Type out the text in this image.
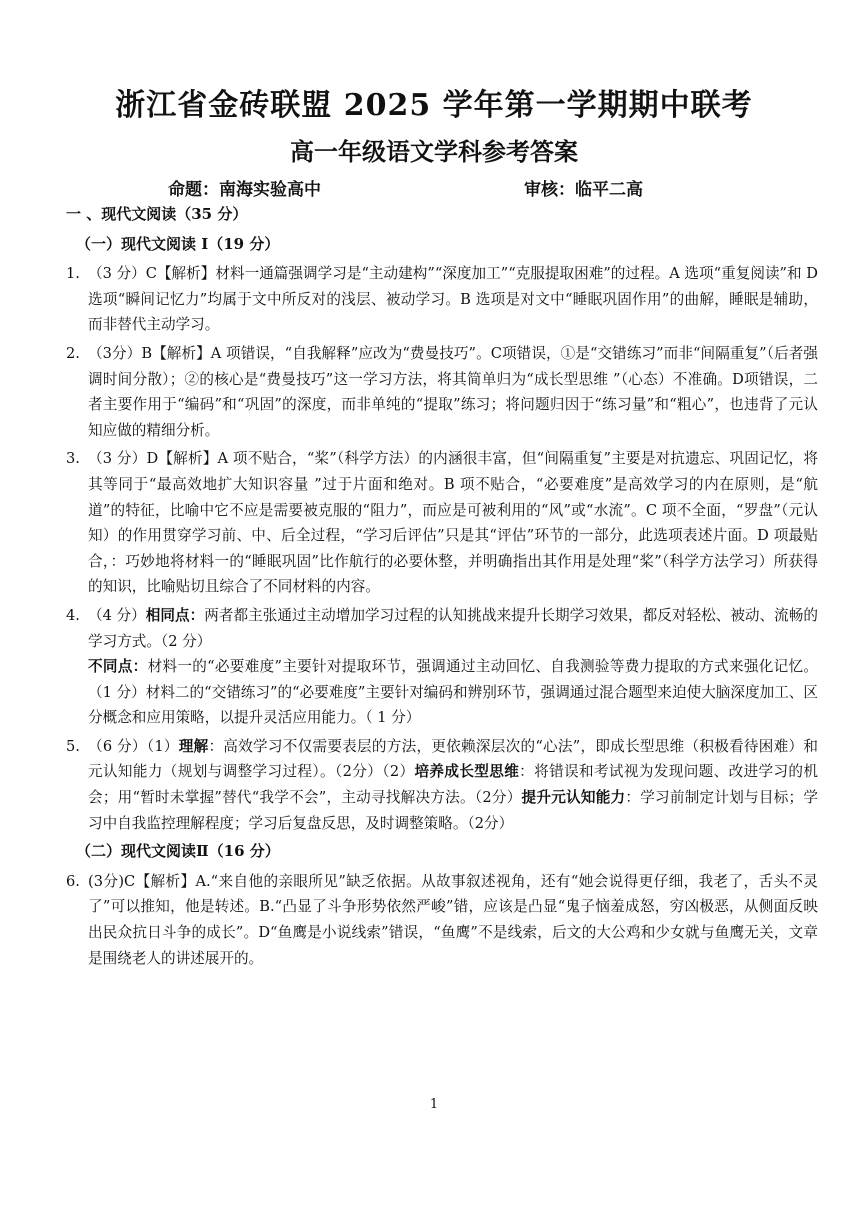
浙江省金砖联盟 2025 学年第一学期期中联考
高一年级语文学科参考答案
命题：南海实验高中	审核：临平二高
一 、现代文阅读（35 分）
（一）现代文阅读 Ⅰ（19 分）
1. （3 分）C【解析】材料一通篇强调学习是“主动建构”“深度加工”“克服提取困难”的过程。A 选项“重复阅读”和 D 选项“瞬间记忆力”均属于文中所反对的浅层、被动学习。B 选项是对文中“睡眠巩固作用”的曲解，睡眠是辅助，而非替代主动学习。

2. （3分）B【解析】A 项错误，“自我解释”应改为“费曼技巧”。C项错误，①是“交错练习”而非“间隔重复”（后者强调时间分散）；②的核心是“费曼技巧”这一学习方法，将其简单归为“成长型思维 ”（心态）不准确。D项错误，二者主要作用于“编码”和“巩固”的深度，而非单纯的“提取”练习；将问题归因于“练习量”和“粗心”，也违背了元认知应做的精细分析。

3. （3 分）D【解析】A 项不贴合，“桨”（科学方法）的内涵很丰富，但“间隔重复”主要是对抗遗忘、巩固记忆，将其等同于“最高效地扩大知识容量 ”过于片面和绝对。B 项不贴合，“必要难度”是高效学习的内在原则，是“航道”的特征，比喻中它不应是需要被克服的“阻力”，而应是可被利用的“风”或“水流”。C 项不全面，“罗盘”（元认知）的作用贯穿学习前、中、后全过程，“学习后评估”只是其“评估”环节的一部分，此选项表述片面。D 项最贴合，：巧妙地将材料一的“睡眠巩固”比作航行的必要休整，并明确指出其作用是处理“桨”（科学方法学习）所获得的知识，比喻贴切且综合了不同材料的内容。

4. （4 分）相同点：两者都主张通过主动增加学习过程的认知挑战来提升长期学习效果，都反对轻松、被动、流畅的学习方式。（2 分）

不同点：材料一的“必要难度”主要针对提取环节，强调通过主动回忆、自我测验等费力提取的方式来强化记忆。（1 分）材料二的“交错练习”的“必要难度”主要针对编码和辨别环节，强调通过混合题型来迫使大脑深度加工、区分概念和应用策略，以提升灵活应用能力。（ 1 分）

5. （6 分）（1）理解：高效学习不仅需要表层的方法，更依赖深层次的“心法”，即成长型思维（积极看待困难）和元认知能力（规划与调整学习过程）。（2分）（2）培养成长型思维：将错误和考试视为发现问题、改进学习的机会；用“暂时未掌握”替代“我学不会”，主动寻找解决方法。（2分）提升元认知能力：学习前制定计划与目标；学习中自我监控理解程度；学习后复盘反思，及时调整策略。（2分）

（二）现代文阅读Ⅱ（16 分）
6. (3分)C【解析】A.“来自他的亲眼所见”缺乏依据。从故事叙述视角，还有“她会说得更仔细，我老了，舌头不灵了”可以推知，他是转述。B.“凸显了斗争形势依然严峻”错，应该是凸显“鬼子恼羞成怒，穷凶极恶，从侧面反映出民众抗日斗争的成长”。D“鱼鹰是小说线索”错误，“鱼鹰”不是线索，后文的大公鸡和少女就与鱼鹰无关，文章是围绕老人的讲述展开的。

1
